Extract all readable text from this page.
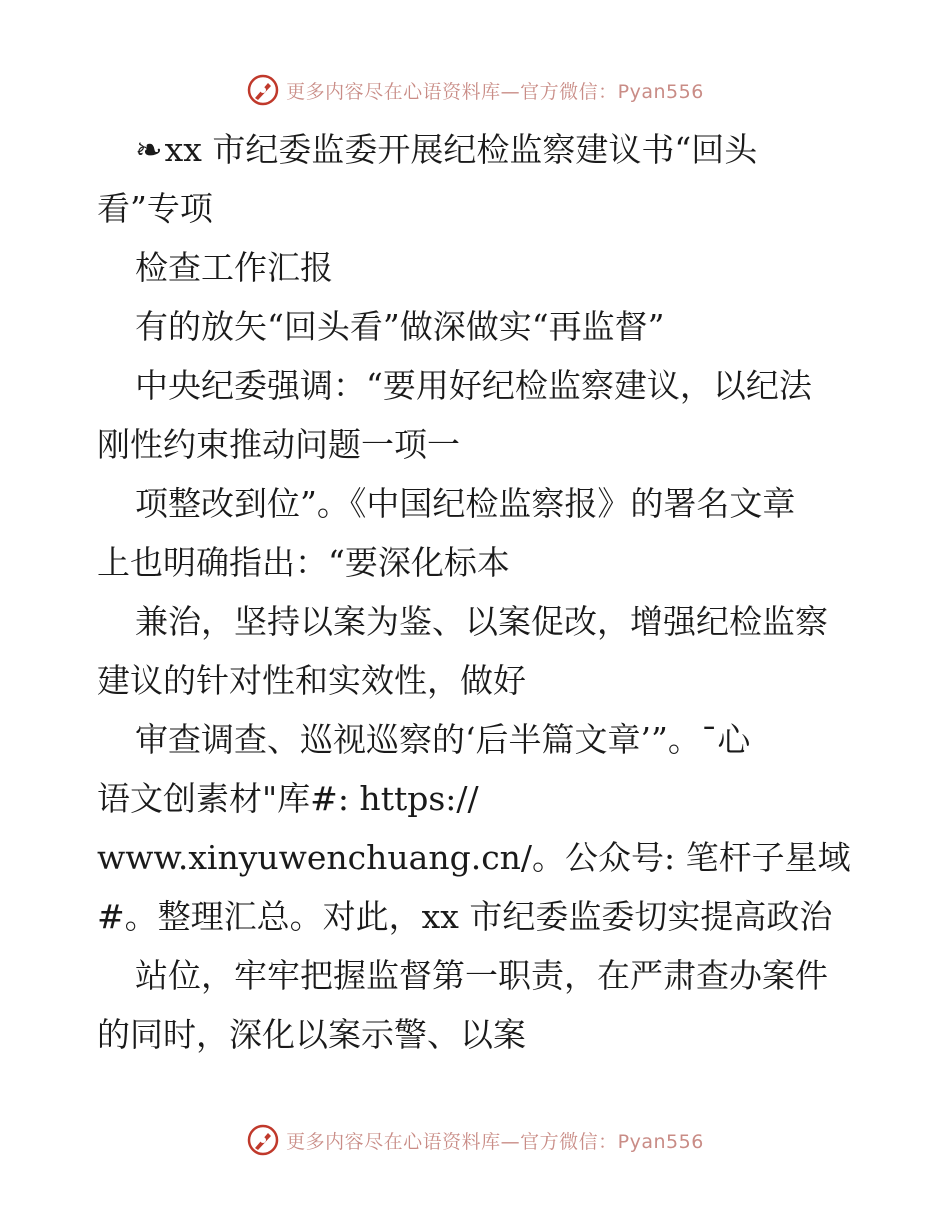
更多内容尽在心语资料库—官方微信：Pyan556
❧xx 市纪委监委开展纪检监察建议书“回头
看”专项
检查工作汇报
有的放矢“回头看”做深做实“再监督”
中央纪委强调：“要用好纪检监察建议，以纪法
刚性约束推动问题一项一
项整改到位”。《中国纪检监察报》的署名文章
上也明确指出：“要深化标本
兼治，坚持以案为鉴、以案促改，增强纪检监察
建议的针对性和实效性，做好
审查调查、巡视巡察的‘后半篇文章’”。¯心
语文创素材"库#: https://
www.xinyuwenchuang.cn/。公众号: 笔杆子星域
#。整理汇总。对此，xx 市纪委监委切实提高政治
站位，牢牢把握监督第一职责，在严肃查办案件
的同时，深化以案示警、以案
更多内容尽在心语资料库—官方微信：Pyan556
